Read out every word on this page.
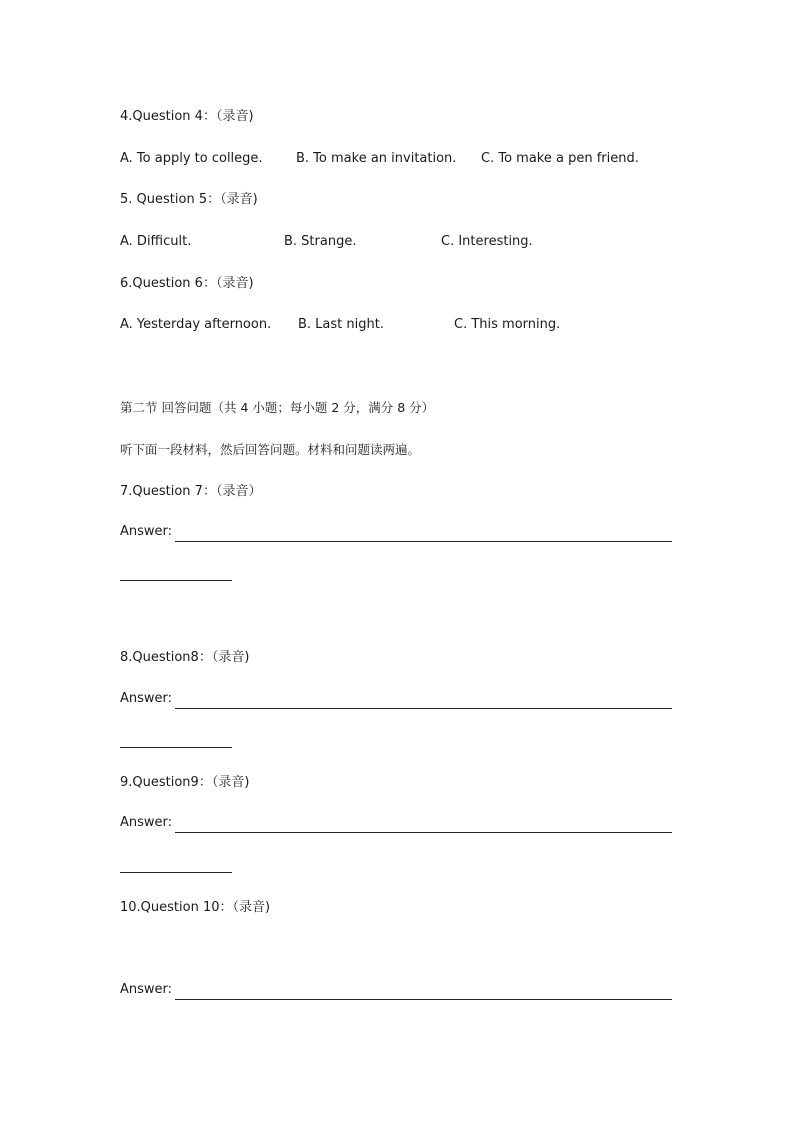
4.Question 4：（录音)
A. To apply to college.	B. To make an invitation. C. To make a pen friend.
5. Question 5：（录音)
A. Difficult.	B. Strange.	C. Interesting.
6.Question 6：（录音)
A. Yesterday afternoon. B. Last night.	C. This morning.
第二节 回答问题（共 4 小题；每小题 2 分，满分 8 分）
听下面一段材料，然后回答问题。材料和问题读两遍。
7.Question 7：（录音）
Answer:
8.Question8：（录音)
Answer:
9.Question9：（录音)
Answer:
10.Question 10：（录音)
Answer:
